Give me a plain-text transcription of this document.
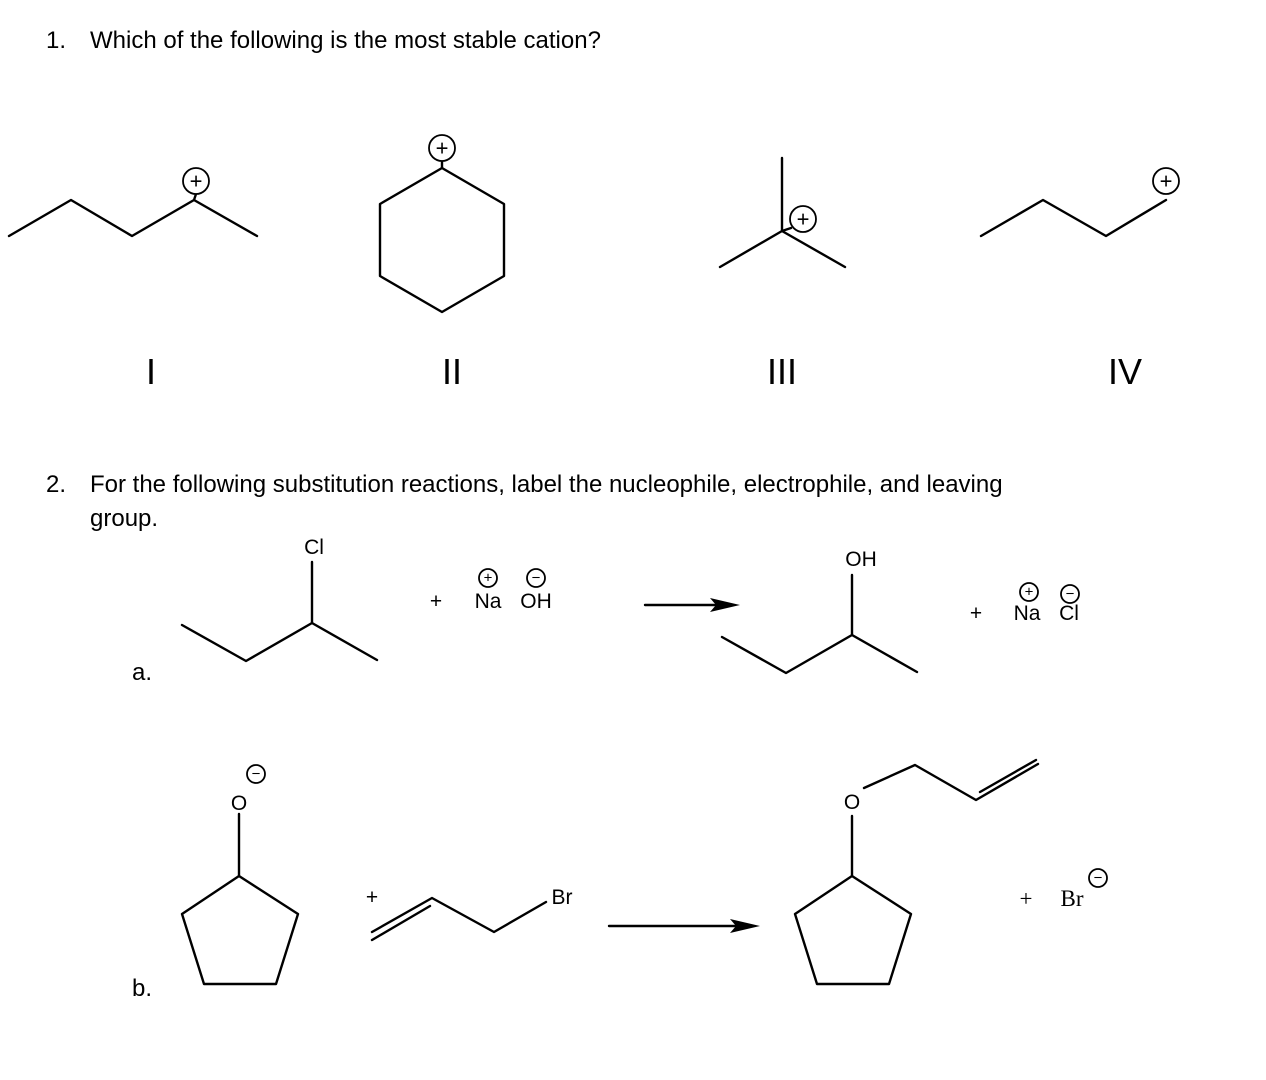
1. Which of the following is the most stable cation?
I	II	III	IV
2. For the following substitution reactions, label the nucleophile, electrophile, and leaving
group.
a.
b.
+
+
+
+
+	−
+ −
−
−
Cl
+ Na OH
OH
+ Na Cl
O
+	Br
O
+ Br
